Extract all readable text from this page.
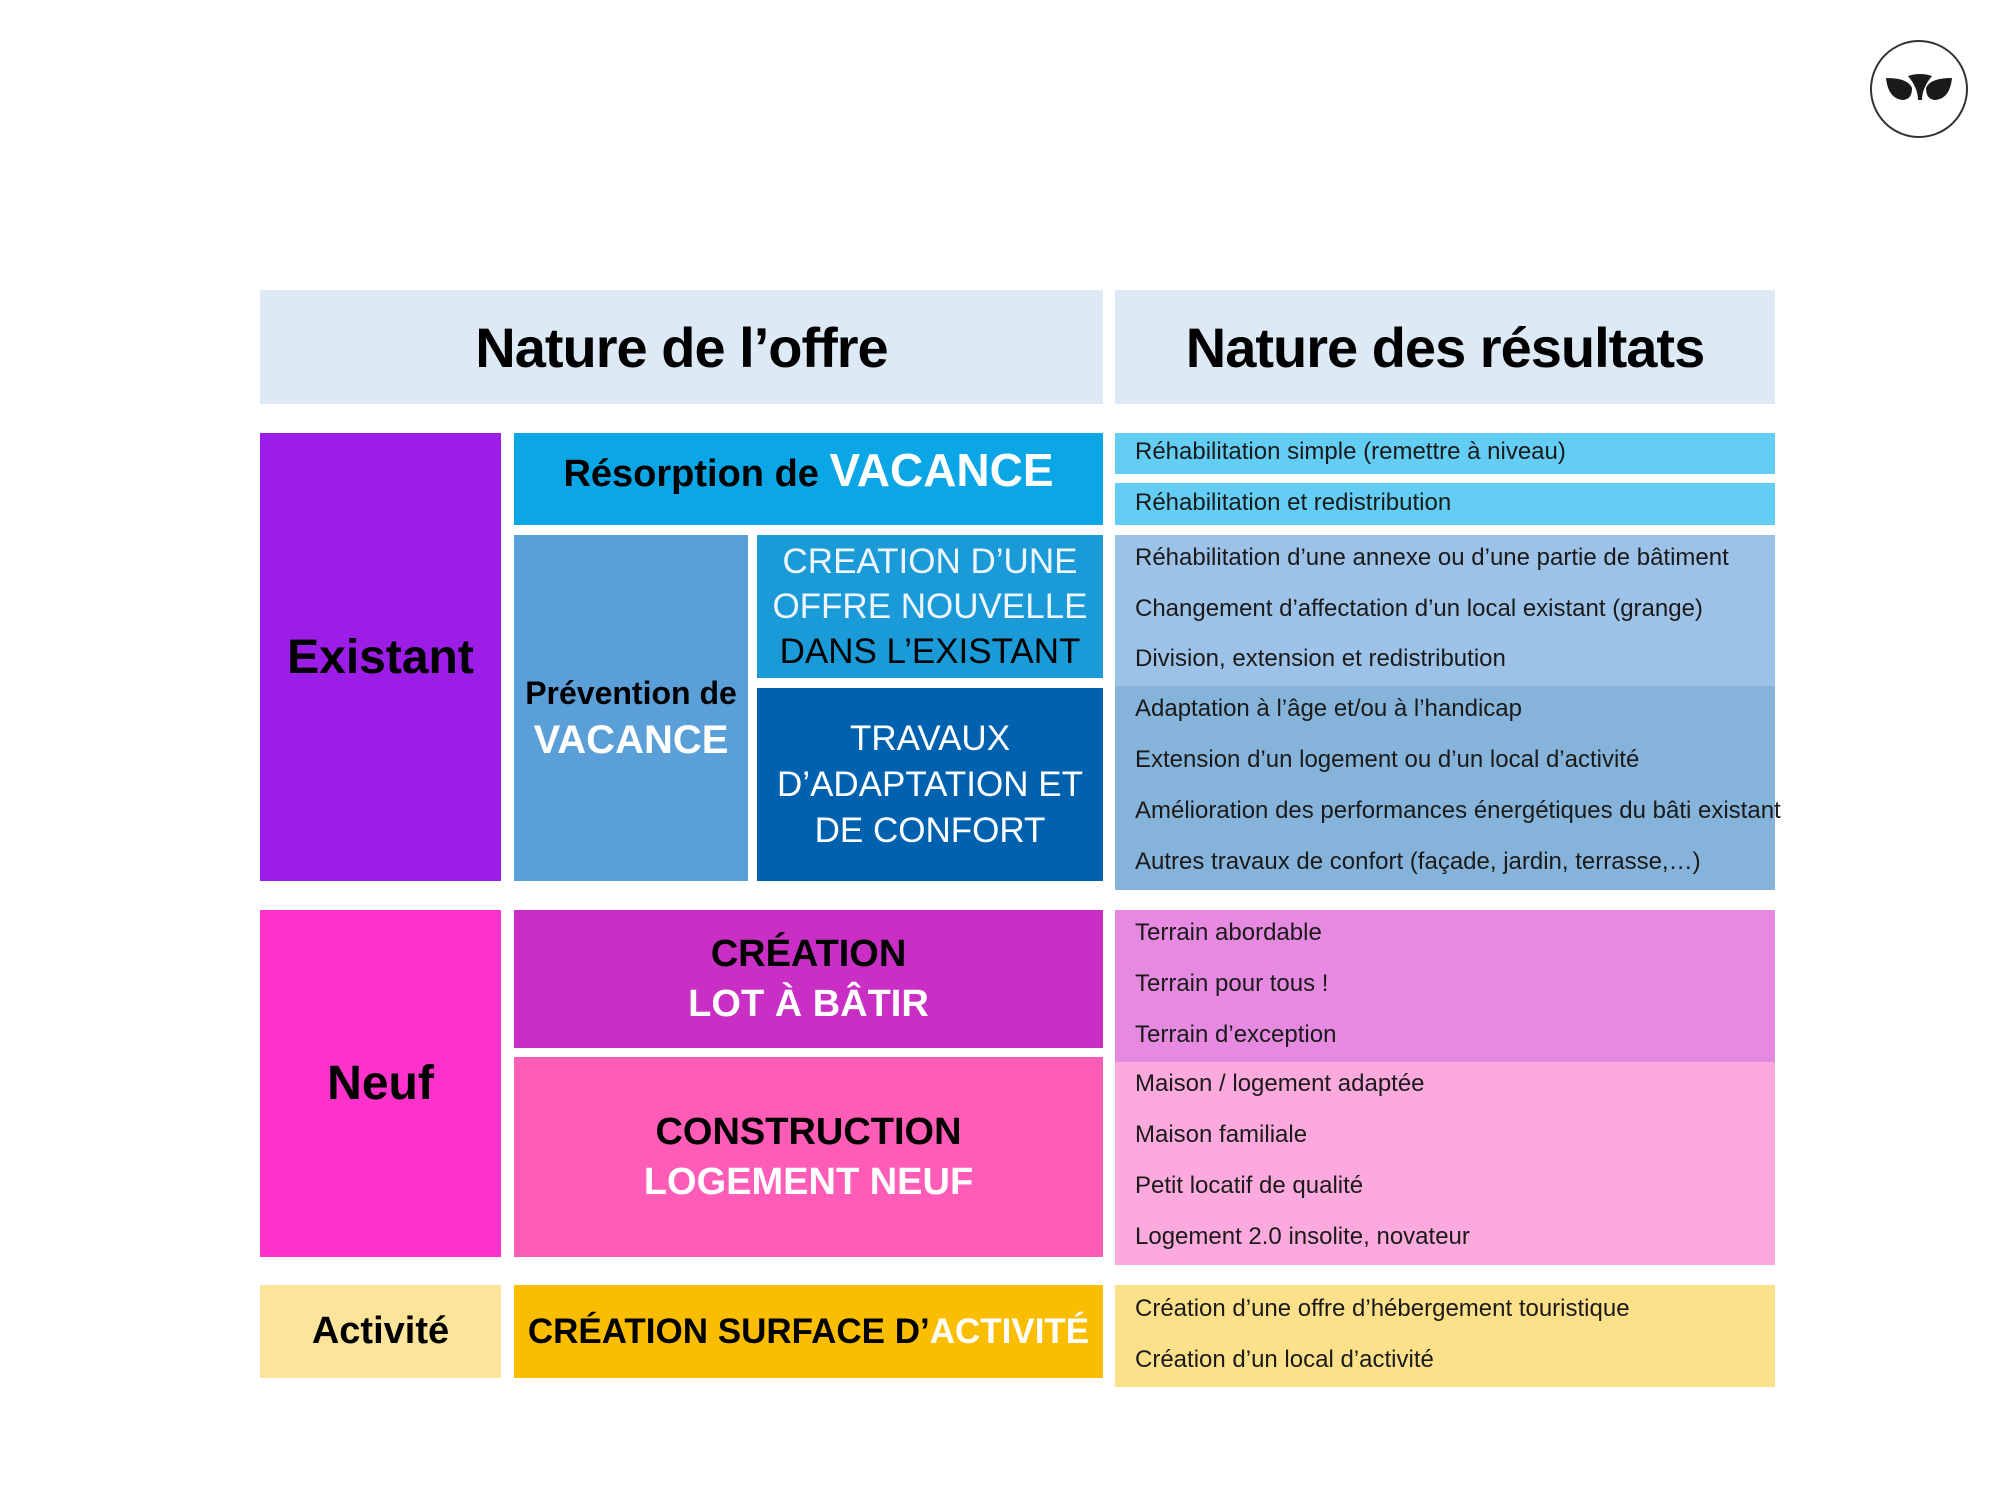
Nature de l’offre	Nature des résultats
Existant
Neuf
Activité
Résorption de VACANCE
Prévention de
VACANCE
CREATION D’UNE
OFFRE NOUVELLE
DANS L’EXISTANT
TRAVAUX
D’ADAPTATION ET
DE CONFORT
CRÉATION
LOT À BÂTIR
CONSTRUCTION
LOGEMENT NEUF
CRÉATION SURFACE D’ ACTIVITÉ
Réhabilitation simple (remettre à niveau)
Réhabilitation et redistribution
Réhabilitation d’une annexe ou d’une partie de bâtiment
Changement d’affectation d’un local existant (grange)
Division, extension et redistribution
Adaptation à l’âge et/ou à l’handicap
Extension d’un logement ou d’un local d’activité
Amélioration des performances énergétiques du bâti existant
Autres travaux de confort (façade, jardin, terrasse,…)
Terrain abordable
Terrain pour tous !
Terrain d’exception
Maison / logement adaptée
Maison familiale
Petit locatif de qualité
Logement 2.0 insolite, novateur
Création d’une offre d’hébergement touristique
Création d’un local d’activité
